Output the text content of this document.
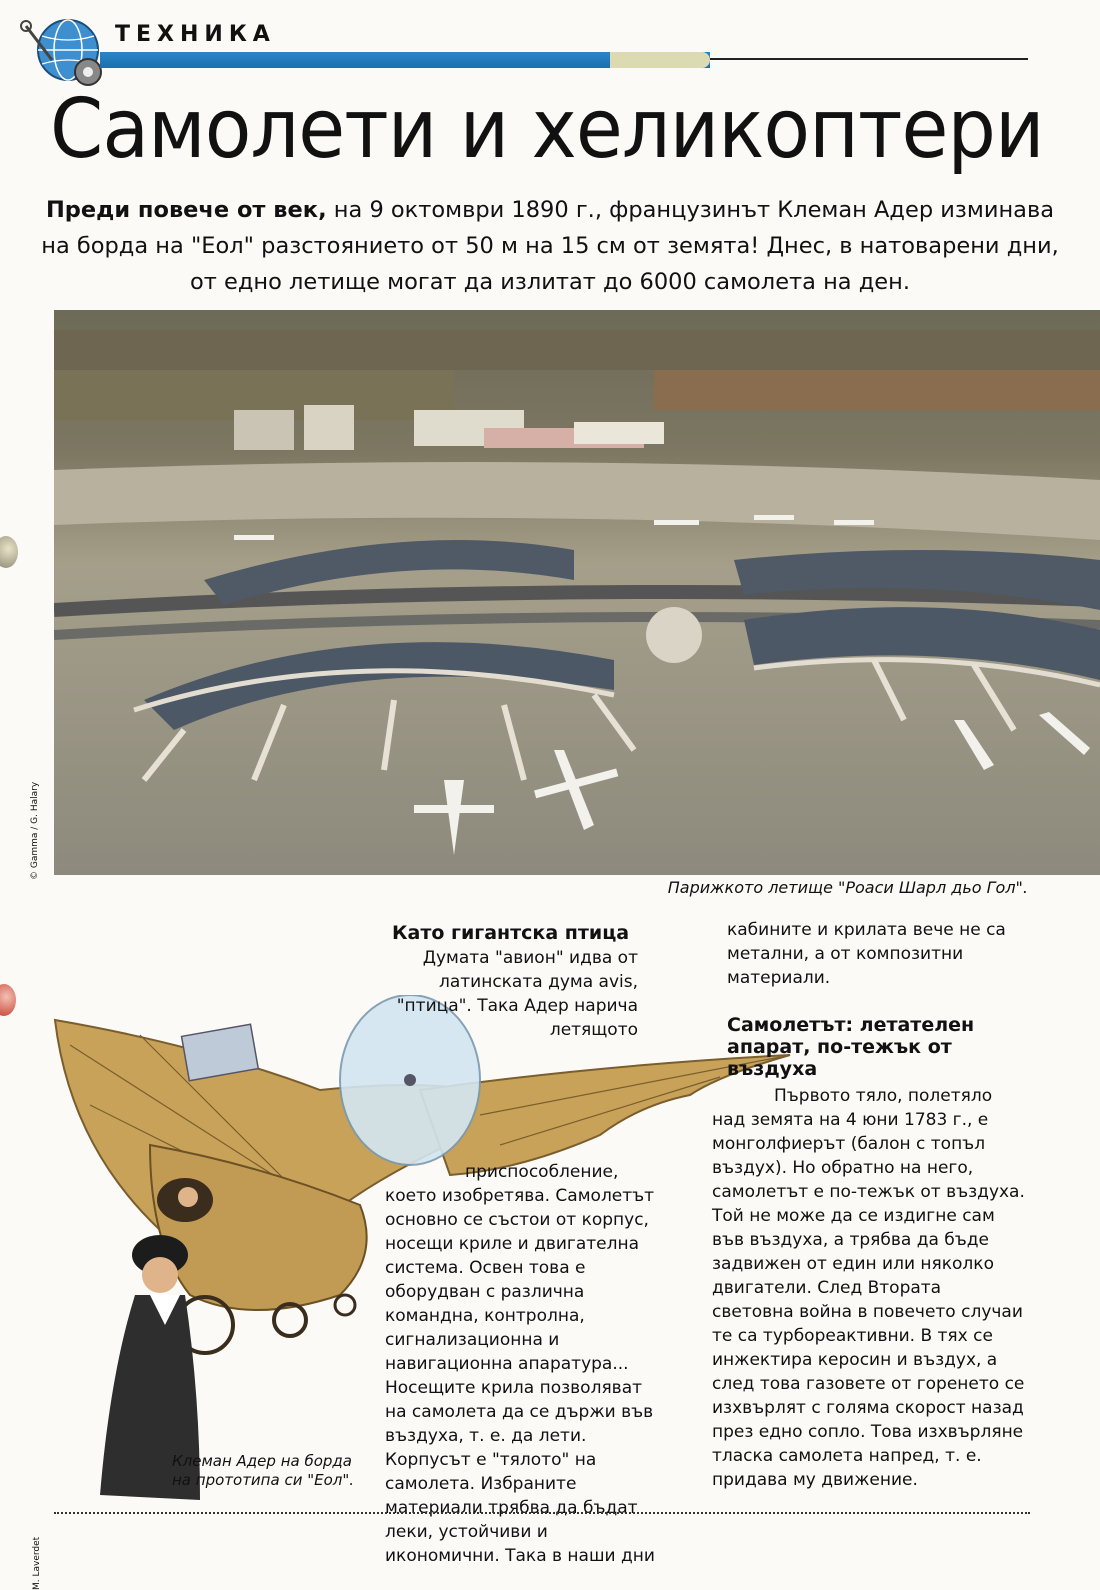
ТЕХНИКА
Самолети и хеликоптери
Преди повече от век, на 9 октомври 1890 г., французинът Клеман Адер изминава на борда на "Еол" разстоянието от 50 м на 15 см от земята! Днес, в натоварени дни, от едно летище могат да излитат до 6000 самолета на ден.
© Gamma / G. Halary
Парижкото летище "Роаси Шарл дьо Гол".
M. Laverdet
Клеман Адер на борда на прототипа си "Еол".
Като гигантска птица
Думата "авион" идва от латинската дума avis, "птица". Така Адер нарича летящото
приспособление, което изобретява. Самолетът основно се състои от корпус, носещи криле и двигателна система. Освен това е оборудван с различна командна, контролна, сигнализационна и навигационна апаратура... Носещите крила позволяват на самолета да се държи във въздуха, т. е. да лети. Корпусът е "тялото" на самолета. Избраните материали трябва да бъдат леки, устойчиви и икономични. Така в наши дни
кабините и крилата вече не са метални, а от композитни материали.
Самолетът: летателен апарат, по-тежък от въздуха
Първото тяло, полетяло над земята на 4 юни 1783 г., е монголфиерът (балон с топъл въздух). Но обратно на него, самолетът е по-тежък от въздуха. Той не може да се издигне сам във въздуха, а трябва да бъде задвижен от един или няколко двигатели. След Втората световна война в повечето случаи те са турбореактивни. В тях се инжектира керосин и въздух, а след това газовете от горенето се изхвърлят с голяма скорост назад през едно сопло. Това изхвърляне тласка самолета напред, т. е. придава му движение.
